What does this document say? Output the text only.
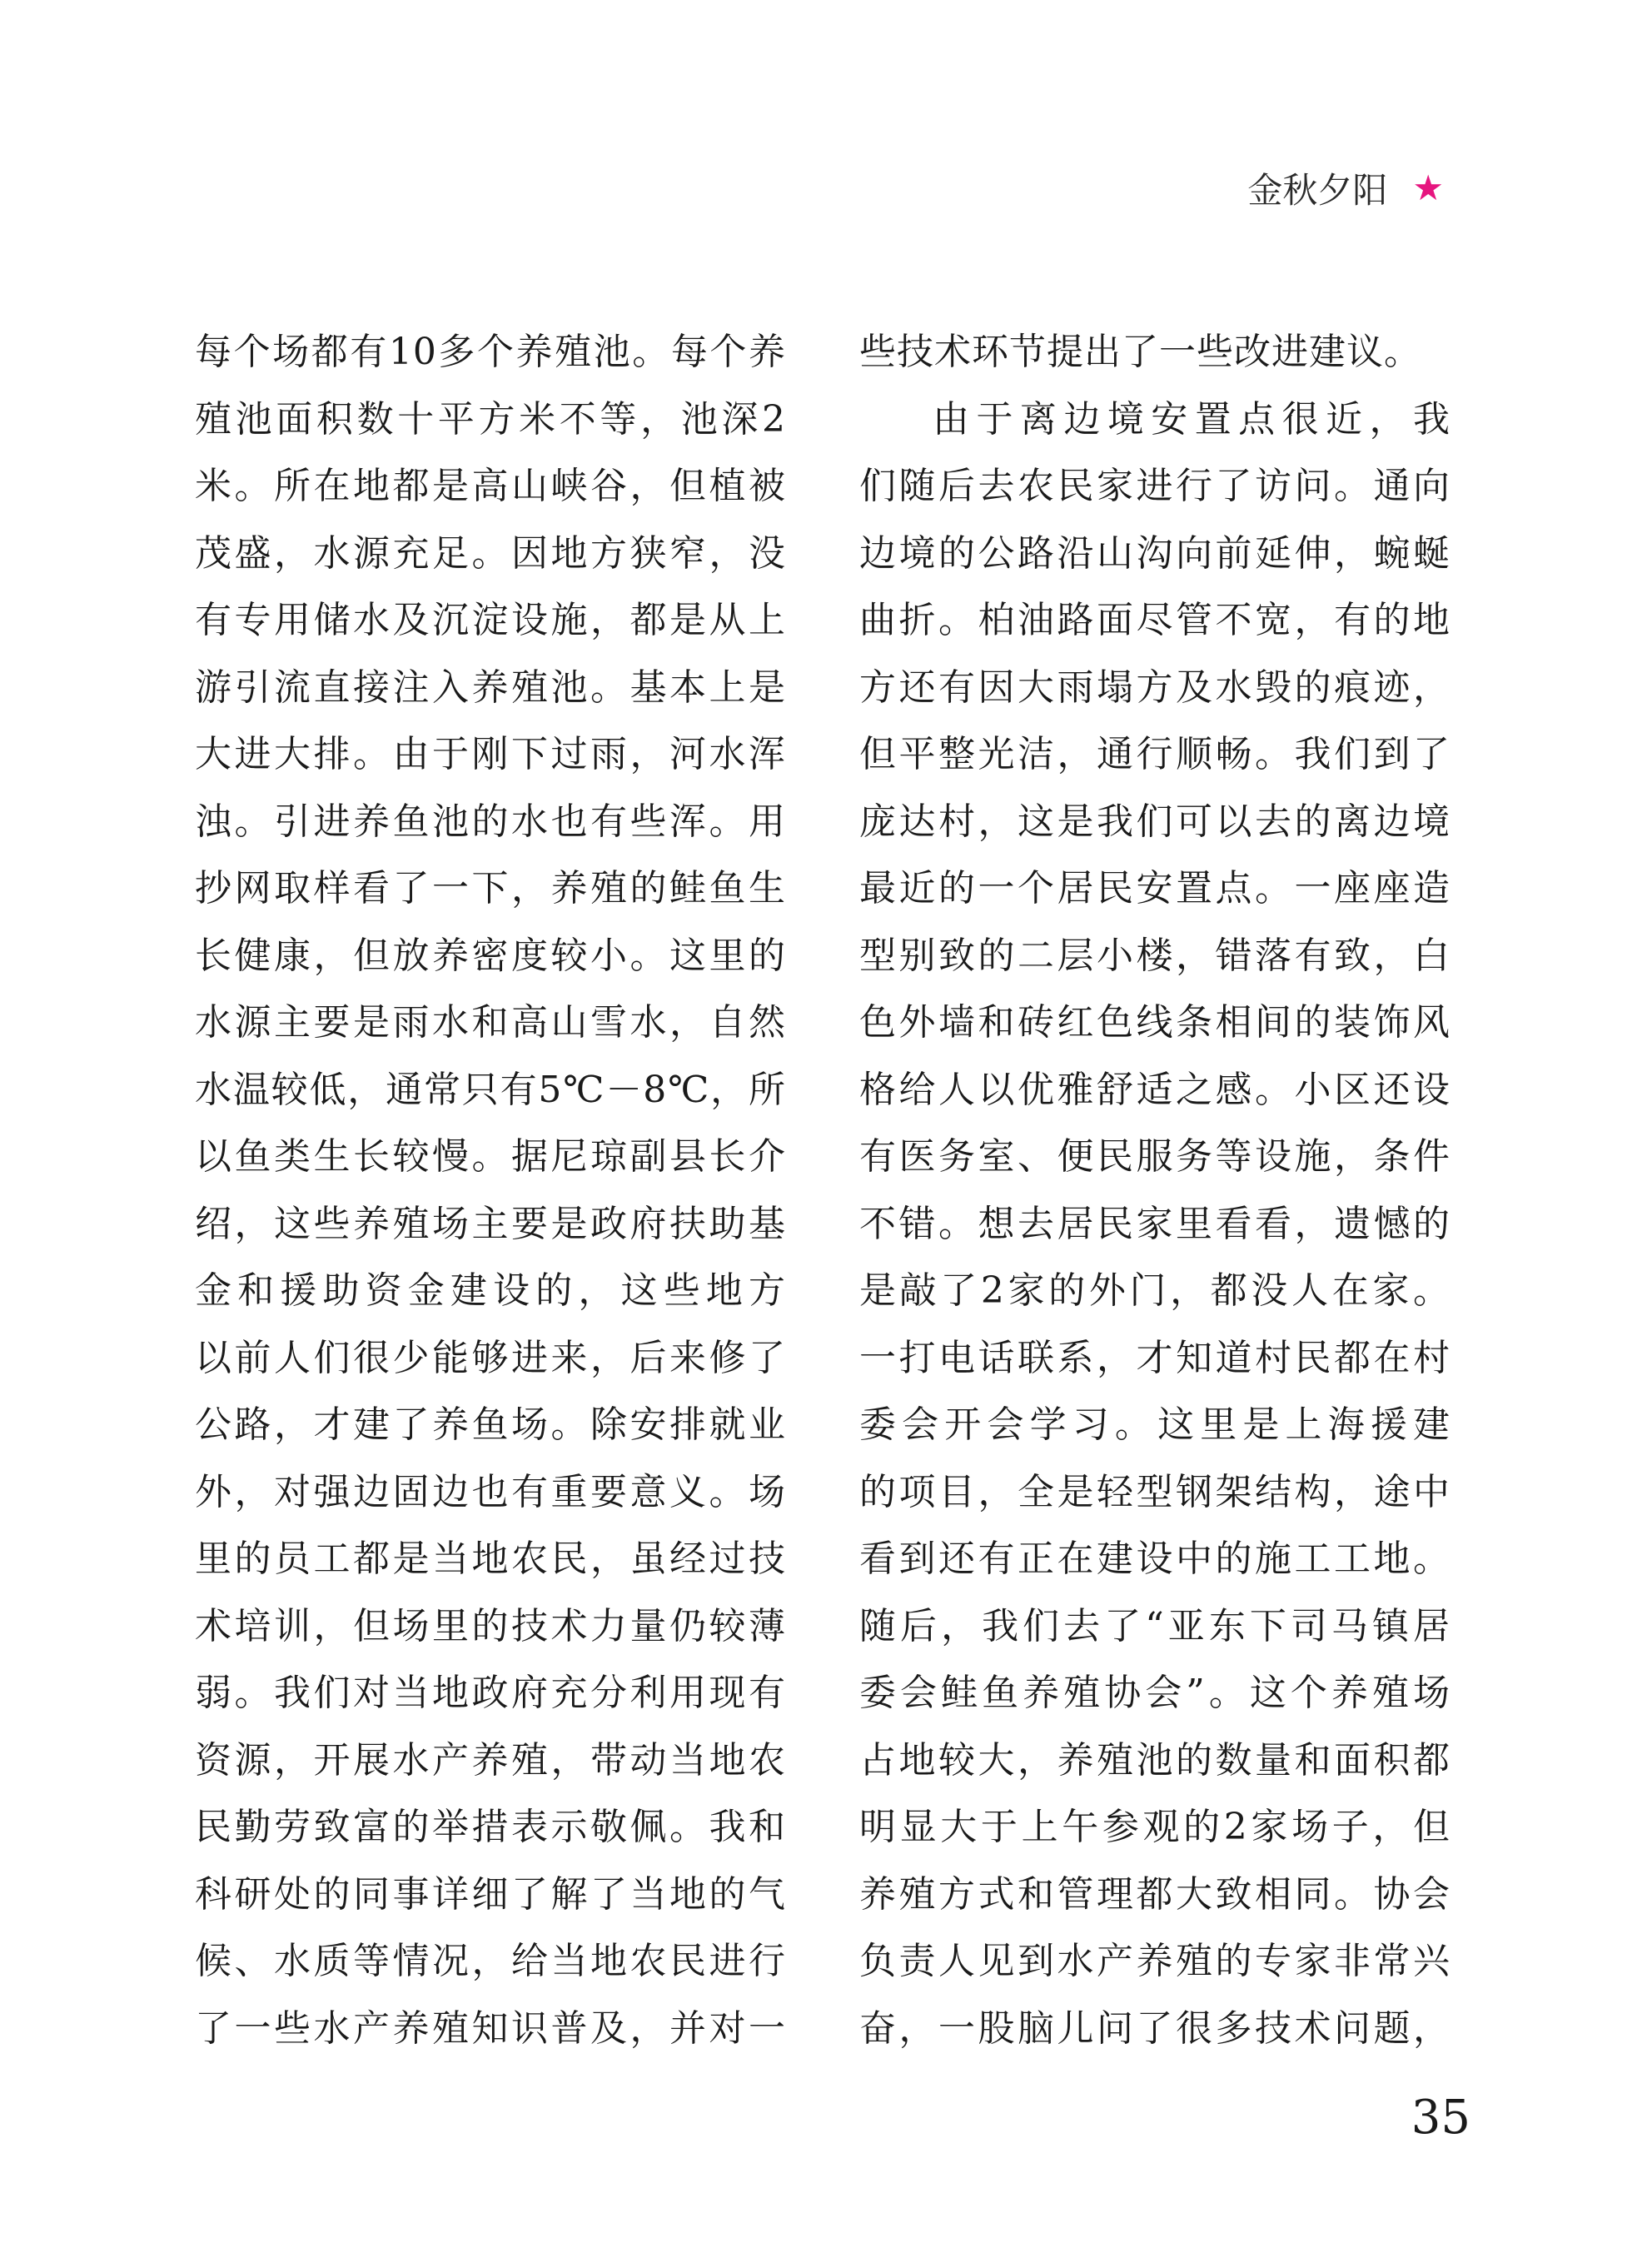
金秋夕阳 ★

每个场都有10多个养殖池。每个养

殖池面积数十平方米不等，池深2

米。所在地都是高山峡谷，但植被

茂盛，水源充足。因地方狭窄，没

有专用储水及沉淀设施，都是从上

游引流直接注入养殖池。基本上是

大进大排。由于刚下过雨，河水浑

浊。引进养鱼池的水也有些浑。用

抄网取样看了一下，养殖的鲑鱼生

长健康，但放养密度较小。这里的

水源主要是雨水和高山雪水，自然

水温较低，通常只有5℃－8℃，所

以鱼类生长较慢。据尼琼副县长介

绍，这些养殖场主要是政府扶助基

金和援助资金建设的，这些地方

以前人们很少能够进来，后来修了

公路，才建了养鱼场。除安排就业

外，对强边固边也有重要意义。场

里的员工都是当地农民，虽经过技

术培训，但场里的技术力量仍较薄

弱。我们对当地政府充分利用现有

资源，开展水产养殖，带动当地农

民勤劳致富的举措表示敬佩。我和

科研处的同事详细了解了当地的气

候、水质等情况，给当地农民进行

了一些水产养殖知识普及，并对一

些技术环节提出了一些改进建议。

由于离边境安置点很近，我

们随后去农民家进行了访问。通向

边境的公路沿山沟向前延伸，蜿蜒

曲折。柏油路面尽管不宽，有的地

方还有因大雨塌方及水毁的痕迹，

但平整光洁，通行顺畅。我们到了

庞达村，这是我们可以去的离边境

最近的一个居民安置点。一座座造

型别致的二层小楼，错落有致，白

色外墙和砖红色线条相间的装饰风

格给人以优雅舒适之感。小区还设

有医务室、便民服务等设施，条件

不错。想去居民家里看看，遗憾的

是敲了2家的外门，都没人在家。

一打电话联系，才知道村民都在村

委会开会学习。这里是上海援建

的项目，全是轻型钢架结构，途中

看到还有正在建设中的施工工地。

随后，我们去了“亚东下司马镇居

委会鲑鱼养殖协会”。这个养殖场

占地较大，养殖池的数量和面积都

明显大于上午参观的2家场子，但

养殖方式和管理都大致相同。协会

负责人见到水产养殖的专家非常兴

奋，一股脑儿问了很多技术问题，

35
